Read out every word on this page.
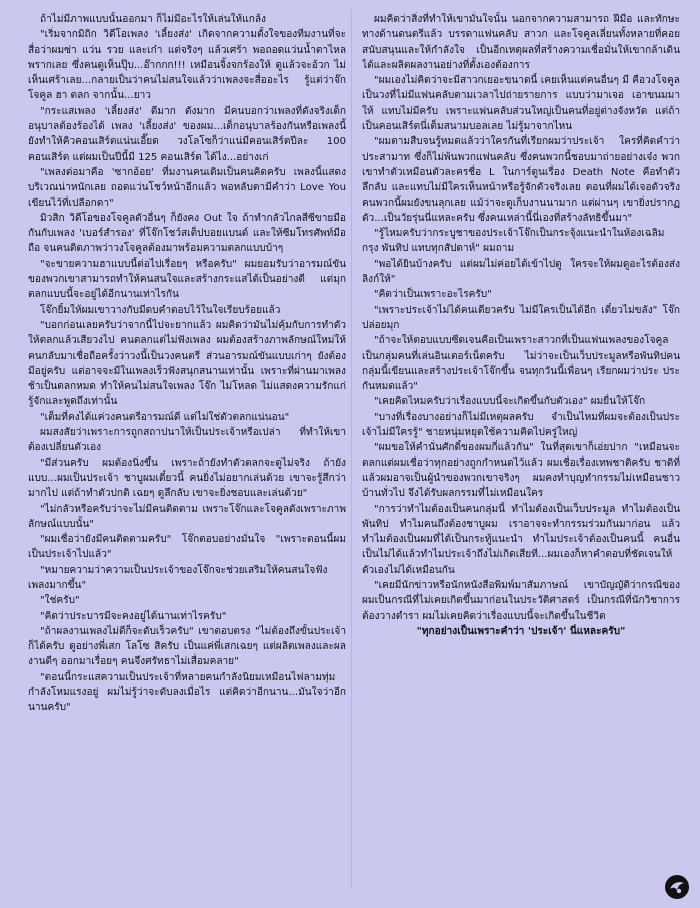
ถ้าไม่มีภาพแบบนั้นออกมา ก็ไม่มีอะไรให้เล่นให้แกล้ง

"เริ่มจากมิถิก วิดีโอเพลง 'เลี้ยงส่ง' เกิดจากความตั้งใจของทีมงานที่จะสื่อว่าผมซ่า แว่น รวย และเก๋า แต่จริงๆ แล้วเศร้า พอถอดแว่นน้ำตาไหล พรากเลย ซึ่งคนดูเห็นปุ๊บ...อ๊ากกก!!! เหมือนจิ้งจกร้องให้ ดูแล้วจะอ้วก ไม่เห็นเศร้าเลย...กลายเป็นว่าคนไม่สนใจแล้วว่าเพลงจะสื่ออะไร รู้แต่ว่าจ๊ก โจคูล ฮา ตลก จากนั้น...ยาว

"กระแสเพลง 'เลี้ยงส่ง' ดีมาก ดังมาก มีคนบอกว่าเพลงที่ดังจริงเด็กอนุบาลต้องร้องได้ เพลง 'เลี้ยงส่ง' ของผม...เด็กอนุบาลร้องกันหรือเพลงนี้ยังทำให้คิวคอนเสิร์ตแน่นเอี๊ยด วงโลโซก็ว่าแน่มีคอนเสิร์ตปีละ 100 คอนเสิร์ต แต่ผมเป็นปีนี้มี 125 คอนเสิร์ต ได้ไง...อย่างเก่

"เพลงต่อมาคือ 'ซากอ้อย' ที่มงานคนเดิมเป็นคนคิดครับ เพลงนี้แสดงบริเวณน่าหนักเลย ถอดแว่นโชว์หน้าอีกแล้ว พอหลับตามีคำว่า Love You เขียนไว้ที่เปลือกตา"

มิวสิก วิดีโอของโจคูลตัวอื่นๆ ก็ยังคง Out ใจ ถ้าทำกลัวไกลสีซีขายมือกันกับเพลง 'เบอร์สำรอง' ที่โจ๊กโชว์สเต็ปบอยแบนด์ และให้ซีมโทรศัพท์มือถือ จนคนติดภาพว่าวงโจคูลต้องมาพร้อมความตลกแบบบ้าๆ

"จะขายความฮาแบบนี้ต่อไปเรื่อยๆ หรือครับ" ผมยอมรับว่าอารมณ์ขันของพวกเขาสามารถทำให้คนสนใจและสร้างกระแสได้เป็นอย่างดี แต่มุกตลกแบบนี้จะอยู่ได้อีกนานเท่าไรกัน

โจ๊กยิ้มให้ผมเขาวางกับมีดบคำตอบไว้ในใจเรียบร้อยแล้ว

"บอกก่อนเลยครับว่าจากนี้ไปจะยากแล้ว ผมคิดว่ามันไม่คุ้มกับการทำตัวให้ตลกแล้วเสียวงไป คนตลกแต่ไม่ฟังเพลง ผมต้องสร้างภาพลักษณ์ใหม่ให้คนกลับมาเชื่อถือครั้งว่าวงนี้เป็นวงคนตรี ส่วนอารมณ์ขันแบบเก่าๆ ยังต้องมีอยู่ครับ แต่อาจจะมีในเพลงเร็วฟังสนุกสนานเท่านั้น เพราะที่ผ่านมาเพลงช้าเป็นตลกหมด ทำให้คนไม่สนใจเพลง โจ๊ก ไม่โหลด ไม่แสดงความรักแก่รู้จักและพูดถึงเท่านั้น

"เต็มที่คงได้แค่วงคนตรีอารมณ์ดี แต่ไม่ใช่ตัวตลกแน่นอน"

ผมสงสัยว่าเพราะการถูกสถาปนาให้เป็นประเจ้าหรือเปล่า ที่ทำให้เขาต้องเปลี่ยนตัวเอง

"มีส่วนครับ ผมต้องนิ่งขึ้น เพราะถ้ายังทำตัวตลกจะดูไม่จริง ถ้ายังแบบ...ผมเป็นประเจ้า ชาบูผมเดี๋ยวนี้ คนยิ่งไม่อยากเล่นด้วย เขาจะรู้สึกว่ามากไป แต่ถ้าทำตัวปกติ เฉยๆ ดูลึกลับ เขาจะยิ่งชอบและเล่นด้วย"

"ไม่กลัวหรือครับว่าจะไม่มีคนติดตาม เพราะโจ๊กและโจคูลดังเพราะภาพลักษณ์แบบนั้น"

"ผมเชื่อว่ายังมีคนติดตามครับ" โจ๊กตอบอย่างมั่นใจ "เพราะตอนนี้ผมเป็นประเจ้าไปแล้ว"

"หมายความว่าความเป็นประเจ้าของโจ๊กจะช่วยเสริมให้คนสนใจฟังเพลงมากขึ้น"

"ใช่ครับ"

"คิดว่าประบารมีจะคงอยู่ได้นานเท่าไรครับ"

"ถ้าผลงานเพลงไม่ดีก็จะดับเร็วครับ" เขาตอบตรง "ไม่ต้องถึงขั้นประเจ้าก็ได้ครับ ดูอย่างพี่เสก โลโซ สิครับ เป็นแค่พี่เสกเฉยๆ แต่ผลิตเพลงและผลงานดีๆ ออกมาเรื่อยๆ คนจึงศรัทธาไม่เสื่อมคลาย"

"ตอนนี้กระแสความเป็นประเจ้าที่หลายคนกำลังนิยมเหมือนไฟลามทุ่ม กำลังโหมแรงอยู่ ผมไม่รู้ว่าจะดับลงเมื่อไร แต่คิดว่าอีกนาน...มันใจว่าอีกนานครับ"

ผมคิดว่าสิ่งที่ทำให้เขามั่นใจนั้น นอกจากความสามารถ ฝีมือ และทักษะทางด้านดนตรีแล้ว บรรดาแฟนคลับ สาวก และโจคูลเลี่ยนทั้งหลายที่คอยสนับสนุนและให้กำลังใจ เป็นอีกเหตุผลที่สร้างความเชื่อมั่นให้เขากล้าเดินได้และผลิตผลงานอย่างที่ตั้งเองต้องการ

"ผมเองไม่คิดว่าจะมีสาวกเยอะขนาดนี้ เคยเห็นแต่คนอื่นๆ มี คือวงโจคูลเป็นวงที่ไม่มีแฟนคลับตามเวลาไปถ่ายรายการ แบบว่ามาเจอ เอาขนมมาให้ แทบไม่มีครับ เพราะแฟนคลับส่วนใหญ่เป็นคนที่อยู่ต่างจังหวัด แต่ถ้าเป็นคอนเสิร์ตนี่เต็มสนามบอลเลย ไม่รู้มาจากไหน

"ผมตามสืบจนรู้หมดแล้วว่าใครกันที่เรียกผมว่าประเจ้า ใครที่คิดคำว่าประสามาท ซึ่งก็ไม่พ้นพวกแฟนคลับ ซึ่งคนพวกนี้ชอบมาถ่ายอย่างเจ๋ง พวกเขาทำตัวเหมือนตัวละครชื่อ L ในการ์ตูนเรื่อง Death Note คือทำตัวลึกลับ และแทบไม่มีใครเห็นหน้าหรือรู้จักตัวจริงเลย ตอนที่ผมได้เจอตัวจริงคนพวกนี้ผมยังขนลุกเลย แม้ว่าจะดูเก็บงานนามาก แต่ผ่านๆ เขายิ่งปรากฏตัว...เป็นวัยรุ่นนี่แหละครับ ซึ่งคนเหล่านี้นี่เองที่สร้างลัทธิขึ้นมา"

"รู้ไหมครับว่ากระบูชาของประเจ้าโจ๊กเป็นกระจุ้งแนะนำในห้องเฉลิมกรุง พันทิป แทบทุกสัปดาห์" ผมถาม

"พอได้ยินบ้างครับ แต่ผมไม่ค่อยได้เข้าไปดู ใครจะให้ผมดูอะไรต้องส่งลิงก์ให้"

"คิดว่าเป็นเพราะอะไรครับ"

"เพราะประเจ้าไม่ได้คนเดียวครับ ไม่มีใครเป็นได้อีก เดี๋ยวไม่ขลัง" โจ๊กปล่อยมุก

"ถ้าจะให้ตอบแบบซีดเจนคือเป็นเพราะสาวกที่เป็นแฟนเพลงของโจคูลเป็นกลุ่มคนที่เล่นอินเตอร์เน็ตครับ ไม่ว่าจะเป็นเว็บประมูลหรือพันทิปคนกลุ่มนี้เขียนและสร้างประเจ้าโจ๊กขึ้น จนทุกวันนี้เพื่อนๆ เรียกผมว่าประ ประ กันหมดแล้ว"

"เคยคิดไหมครับว่าเรื่องแบบนี้จะเกิดขึ้นกับตัวเอง" ผมยื่นให้โจ๊ก

"บางที่เรื่องบางอย่างก็ไม่มีเหตุผลครับ จำเป็นไหมที่ผมจะต้องเป็นประเจ้าไม่มีใครรู้" ชายหนุ่มหยุดใช้ความคิดไปครู่ใหญ่

"ผมขอให้คำนั่นศักดิ์ของผมกี่แล้วกัน" ในที่สุดเขาก็เอ่ยปาก "เหมือนจะตลกแต่ผมเชื่อว่าทุกอย่างถูกกำหนดไว้แล้ว ผมเชื่อเรื่องเทพชาติครับ ชาติที่แล้วผมอาจเป็นผู้นำของพวกเขาจริงๆ ผมคงทำบุญทำกรรมไม่เหมือนชาวบ้านทั่วไป จึงได้รับผลกรรมที่ไม่เหมือนใคร

"การว่าทำไมต้องเป็นคนกลุ่มนี้ ทำไมต้องเป็นเว็บประมูล ทำไมต้องเป็นพันทิป ทำไมคนถึงต้องชาบูผม เราอาจจะทำกรรมร่วมกันมาก่อน แล้วทำไมต้องเป็นผมที่ได้เป็นกระทู้แนะนำ ทำไมประเจ้าต้องเป็นคนนี้ คนอื่นเป็นไม่ได้แล้วทำไมประเจ้าถึงไม่เกิดเสียที...ผมเองก็หาคำตอบที่ชัดเจนให้ตัวเองไม่ได้เหมือนกัน

"เคยมีนักข่าวหรือนักหนังสือพิมพ์มาสัมภาษณ์ เขาบัญญัติว่ากรณีของผมเป็นกรณีที่ไม่เคยเกิดขึ้นมาก่อนในประวัติศาสตร์ เป็นกรณีที่นักวิชาการต้องวางตำรา ผมไม่เคยคิดว่าเรื่องแบบนี้จะเกิดขึ้นในชีวิต

"ทุกอย่างเป็นเพราะคำว่า 'ประเจ้า' นี่แหละครับ"
